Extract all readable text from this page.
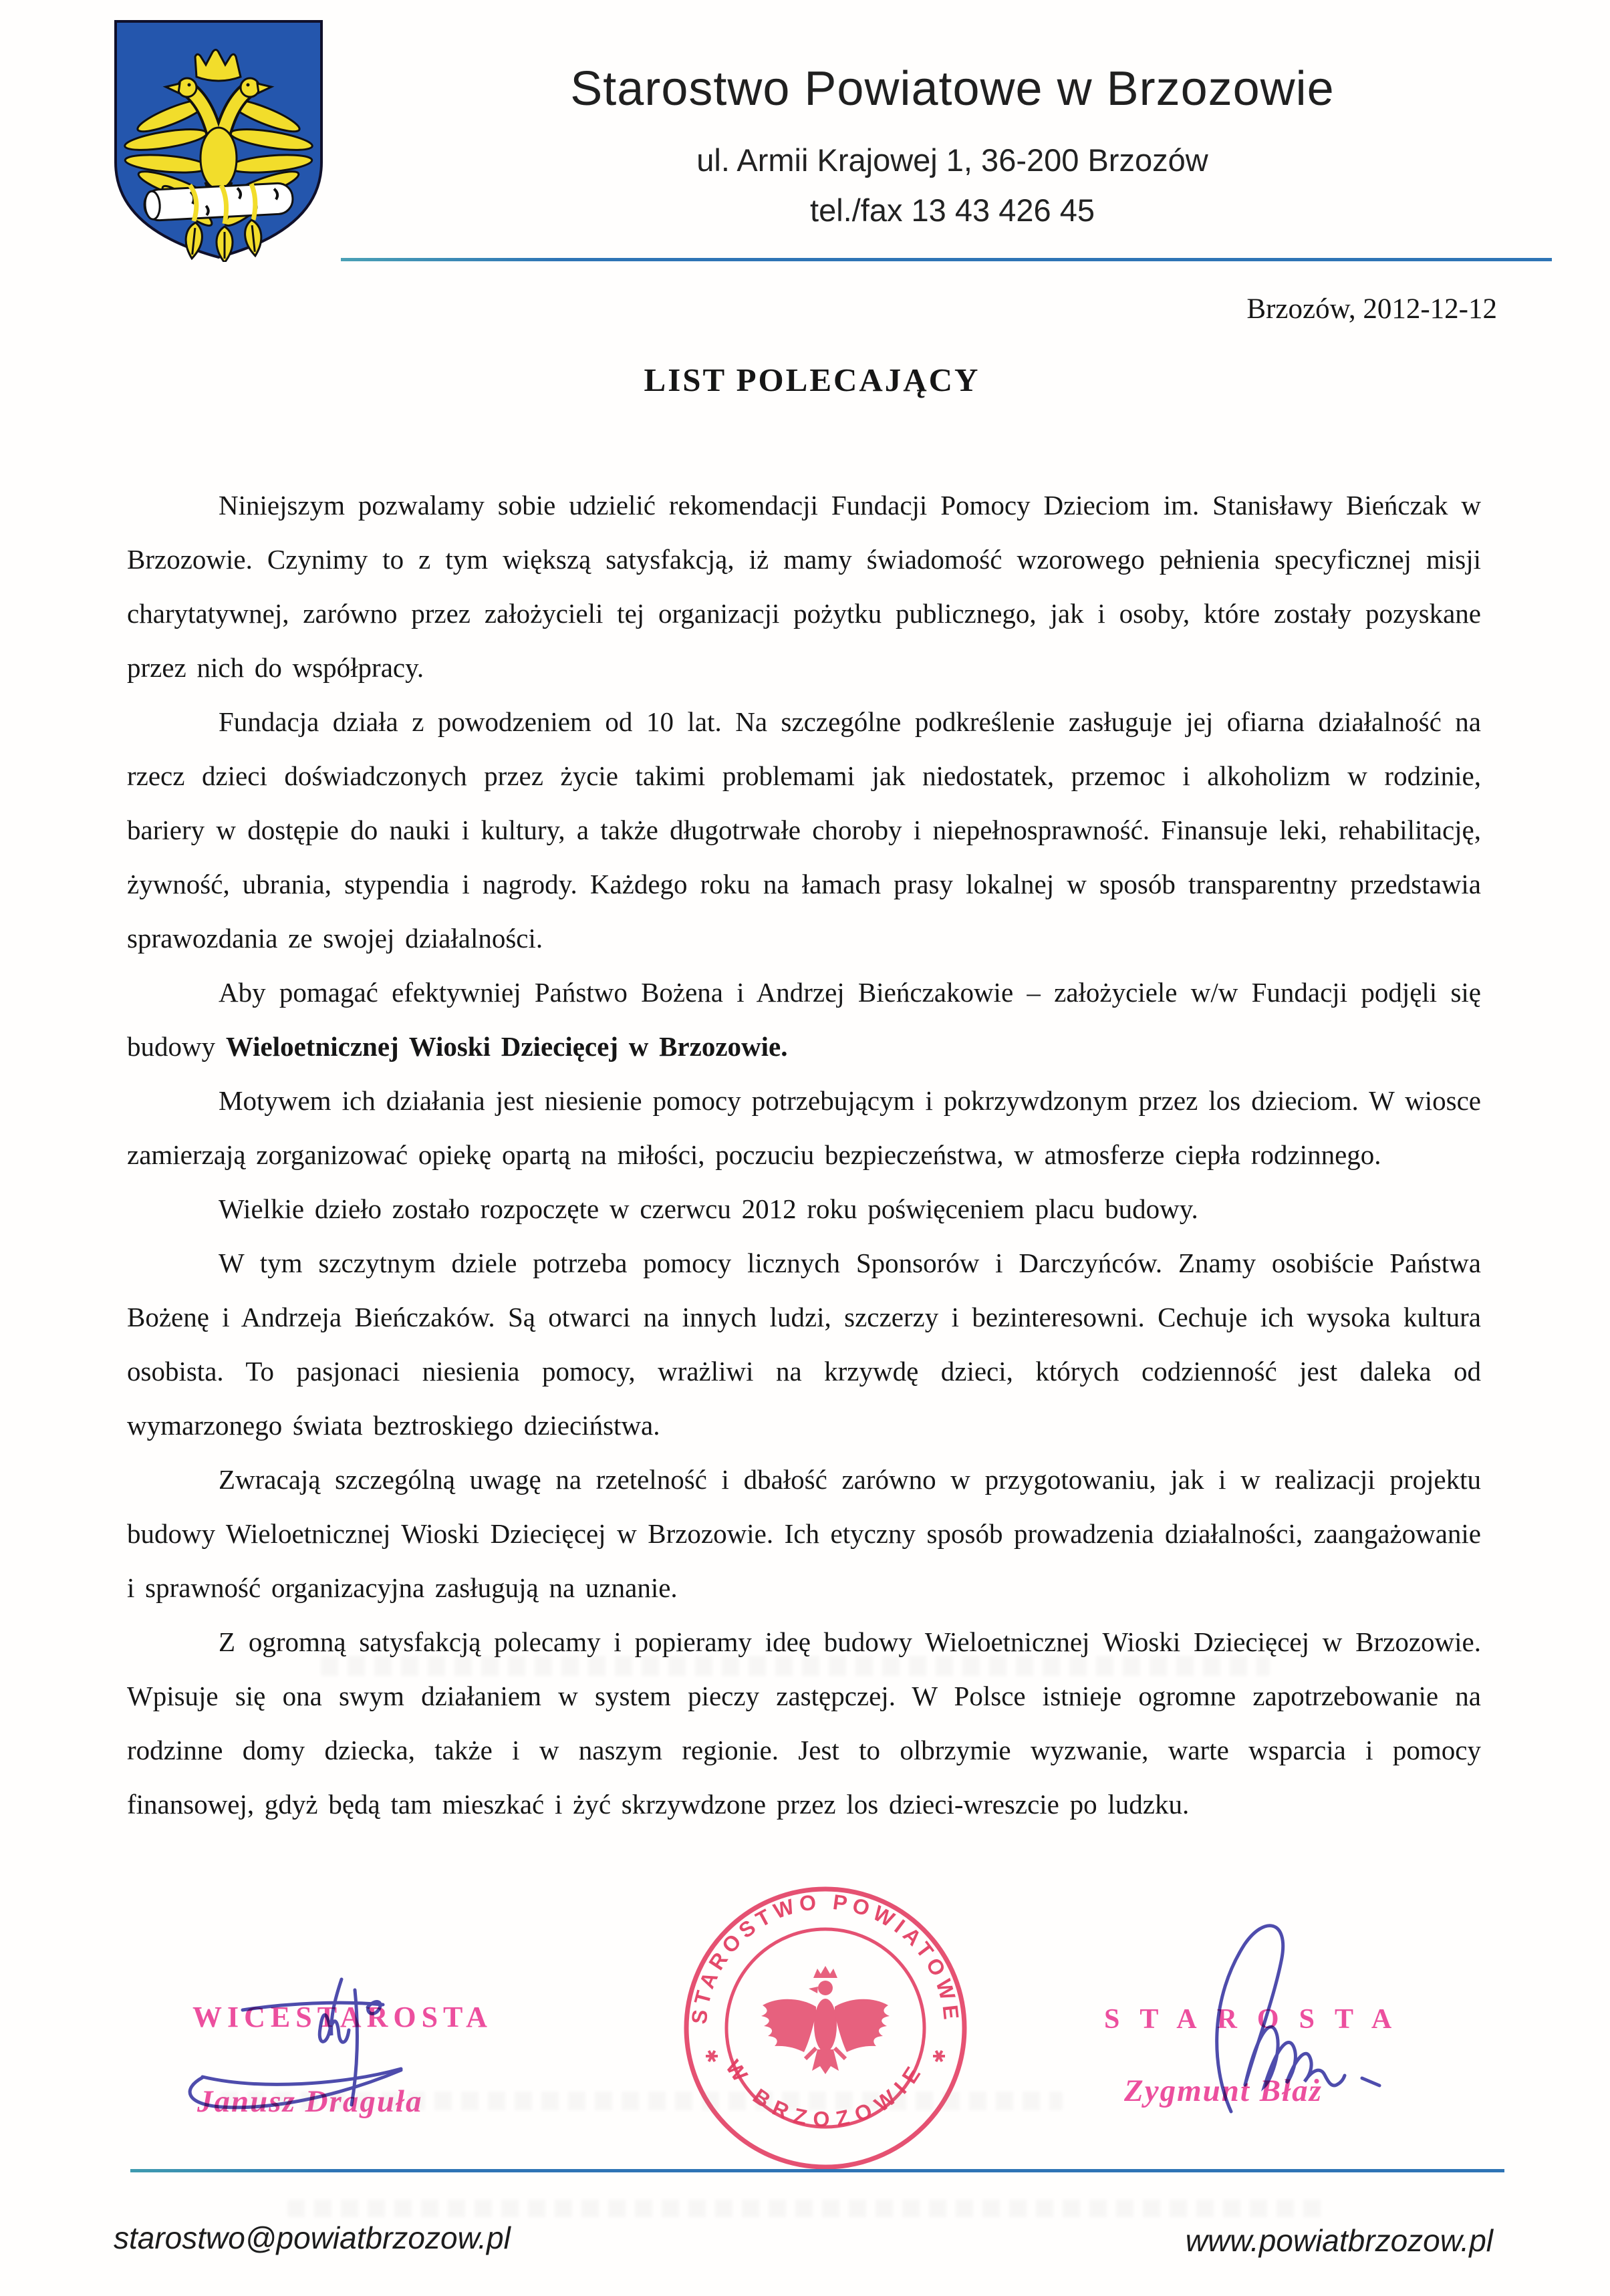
Starostwo Powiatowe w Brzozowie
ul. Armii Krajowej 1, 36-200 Brzozów
tel./fax 13 43 426 45
Brzozów, 2012-12-12
LIST POLECAJĄCY

Niniejszym pozwalamy sobie udzielić rekomendacji Fundacji Pomocy Dzieciom im. Stanisławy Bieńczak w Brzozowie. Czynimy to z tym większą satysfakcją, iż mamy świadomość wzorowego pełnienia specyficznej misji charytatywnej, zarówno przez założycieli tej organizacji pożytku publicznego, jak i osoby, które zostały pozyskane przez nich do współpracy.

Fundacja działa z powodzeniem od 10 lat. Na szczególne podkreślenie zasługuje jej ofiarna działalność na rzecz dzieci doświadczonych przez życie takimi problemami jak niedostatek, przemoc i alkoholizm w rodzinie, bariery w dostępie do nauki i kultury, a także długotrwałe choroby i niepełnosprawność. Finansuje leki, rehabilitację, żywność, ubrania, stypendia i nagrody. Każdego roku na łamach prasy lokalnej w sposób transparentny przedstawia sprawozdania ze swojej działalności.

Aby pomagać efektywniej Państwo Bożena i Andrzej Bieńczakowie – założyciele w/w Fundacji podjęli się budowy Wieloetnicznej Wioski Dziecięcej w Brzozowie.

Motywem ich działania jest niesienie pomocy potrzebującym i pokrzywdzonym przez los dzieciom. W wiosce zamierzają zorganizować opiekę opartą na miłości, poczuciu bezpieczeństwa, w atmosferze ciepła rodzinnego.

Wielkie dzieło zostało rozpoczęte w czerwcu 2012 roku poświęceniem placu budowy.

W tym szczytnym dziele potrzeba pomocy licznych Sponsorów i Darczyńców. Znamy osobiście Państwa Bożenę i Andrzeja Bieńczaków. Są otwarci na innych ludzi, szczerzy i bezinteresowni. Cechuje ich wysoka kultura osobista. To pasjonaci niesienia pomocy, wrażliwi na krzywdę dzieci, których codzienność jest daleka od wymarzonego świata beztroskiego dzieciństwa.

Zwracają szczególną uwagę na rzetelność i dbałość zarówno w przygotowaniu, jak i w realizacji projektu budowy Wieloetnicznej Wioski Dziecięcej w Brzozowie. Ich etyczny sposób prowadzenia działalności, zaangażowanie i sprawność organizacyjna zasługują na uznanie.

Z ogromną satysfakcją polecamy i popieramy ideę budowy Wieloetnicznej Wioski Dziecięcej w Brzozowie. Wpisuje się ona swym działaniem w system pieczy zastępczej. W Polsce istnieje ogromne zapotrzebowanie na rodzinne domy dziecka, także i w naszym regionie. Jest to olbrzymie wyzwanie, warte wsparcia i pomocy finansowej, gdyż będą tam mieszkać i żyć skrzywdzone przez los dzieci-wreszcie po ludzku.

WICESTAROSTA
Janusz Draguła
STAROSTWO POWIATOWE
W BRZOZOWIE
STAROSTA
Zygmunt Błaż
starostwo@powiatbrzozow.pl	www.powiatbrzozow.pl
